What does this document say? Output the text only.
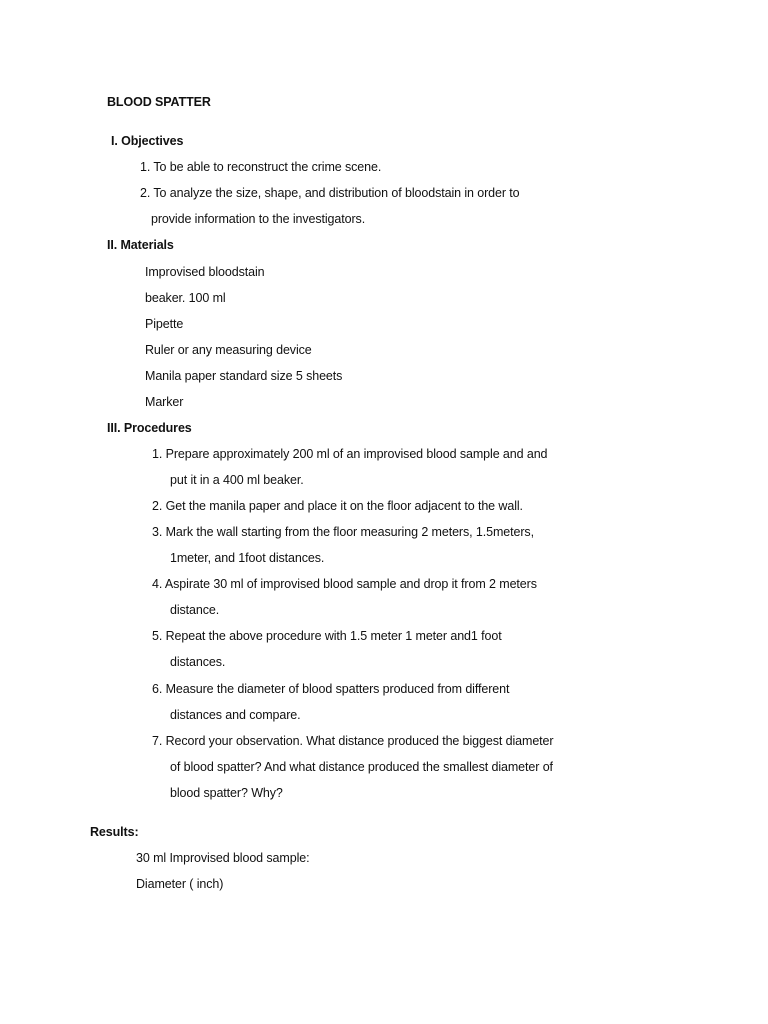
BLOOD SPATTER
I. Objectives
1. To be able to reconstruct the crime scene.
2. To analyze the size, shape, and distribution of bloodstain in order to
provide information to the investigators.
II. Materials
Improvised bloodstain
beaker. 100 ml
Pipette
Ruler or any measuring device
Manila paper standard size 5 sheets
Marker
III. Procedures
1. Prepare approximately 200 ml of an improvised blood sample and and
put it in a 400 ml beaker.
2. Get the manila paper and place it on the floor adjacent to the wall.
3. Mark the wall starting from the floor measuring 2 meters, 1.5meters,
1meter, and 1foot distances.
4. Aspirate 30 ml of improvised blood sample and drop it from 2 meters
distance.
5. Repeat the above procedure with 1.5 meter 1 meter and1 foot
distances.
6. Measure the diameter of blood spatters produced from different
distances and compare.
7. Record your observation. What distance produced the biggest diameter
of blood spatter? And what distance produced the smallest diameter of
blood spatter? Why?
Results:
30 ml Improvised blood sample:
Diameter ( inch)
